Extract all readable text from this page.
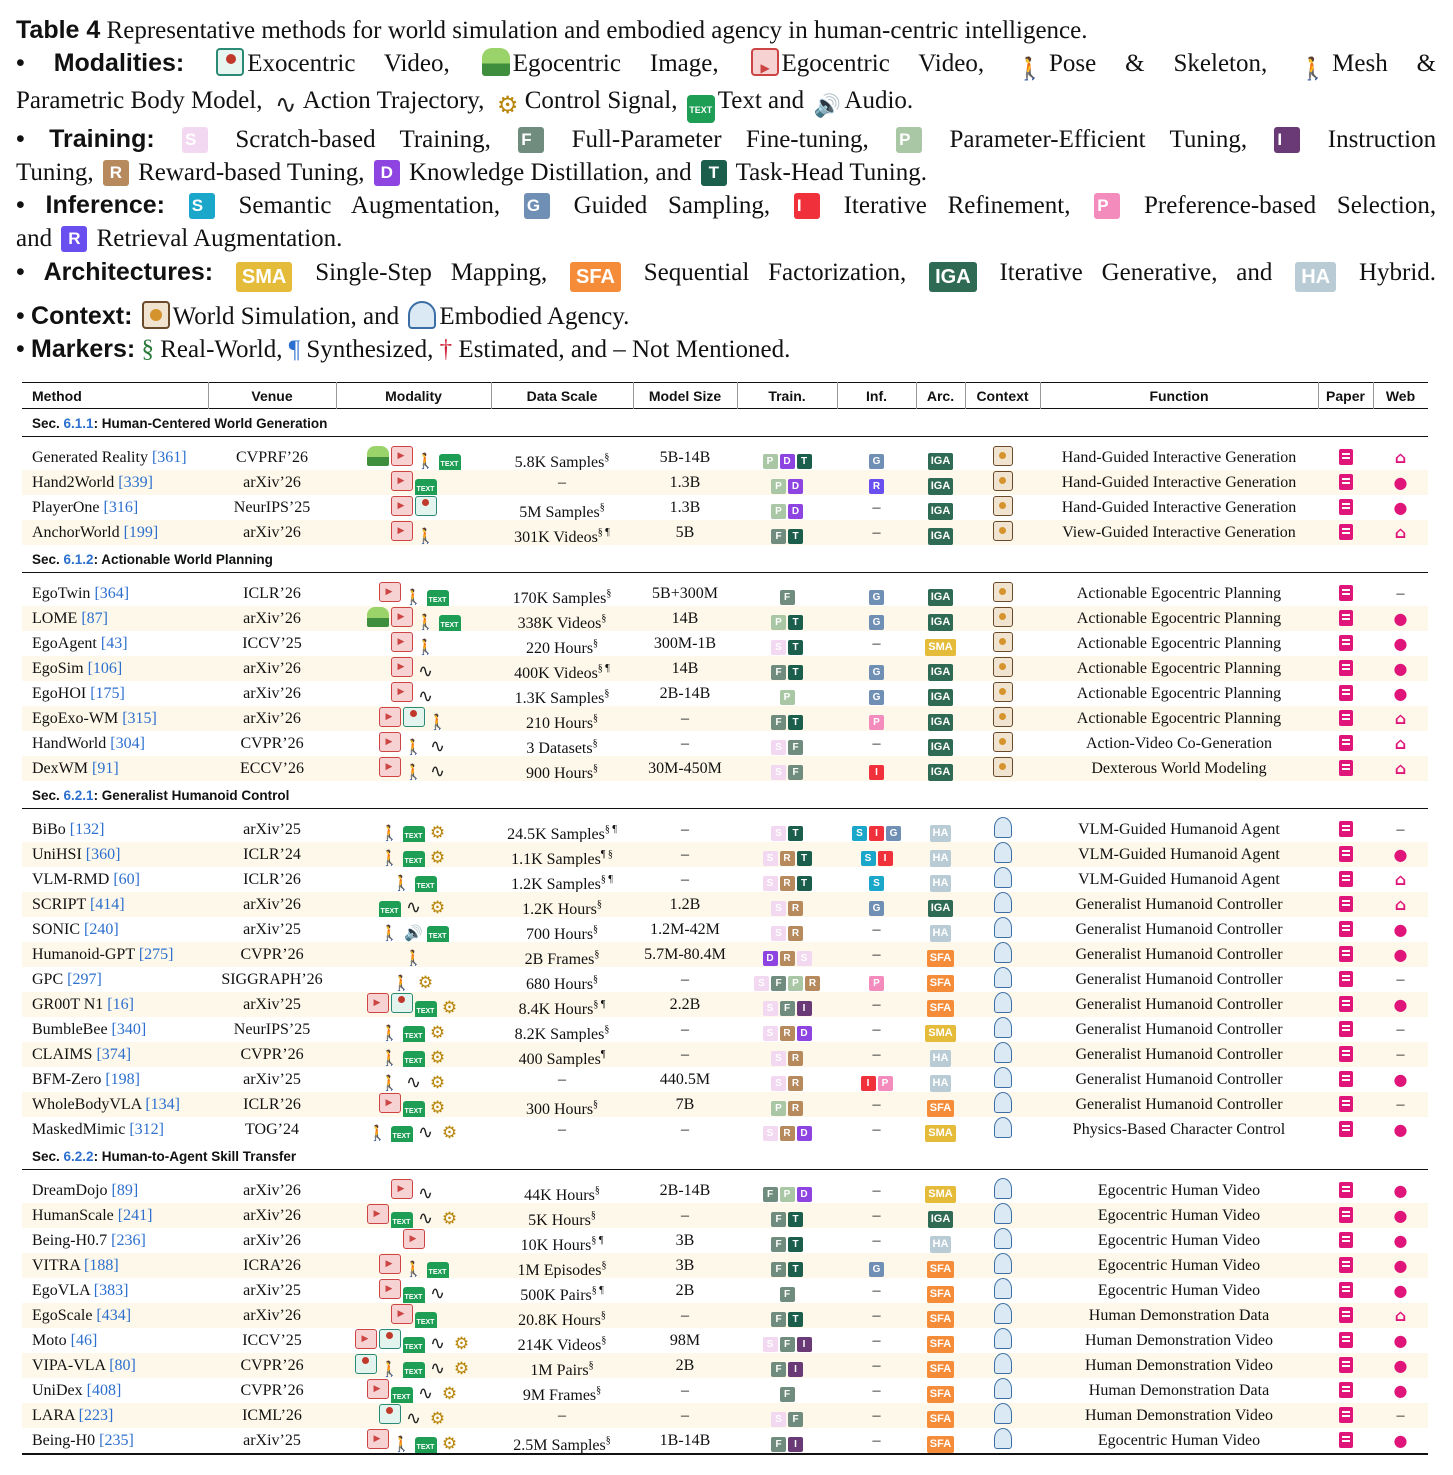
Table 4 Representative methods for world simulation and embodied agency in human-centric intelligence.
• Modalities:	Exocentric Video,	Egocentric Image, ▶	Egocentric Video, 🚶 Pose & Skeleton, 🚶 Mesh &
Parametric Body Model, ∿ Action Trajectory, ⚙ Control Signal, TEXT Text and 🔊 Audio.
• Training: S Scratch-based Training, F Full-Parameter Fine-tuning, P Parameter-Efficient Tuning, I Instruction
Tuning, R Reward-based Tuning, D Knowledge Distillation, and T Task-Head Tuning.
• Inference: S Semantic Augmentation, G Guided Sampling, I Iterative Refinement, P Preference-based Selection,
and R Retrieval Augmentation.
• Architectures: SMA Single-Step Mapping, SFA Sequential Factorization, IGA Iterative Generative, and HA Hybrid.
• Context: World Simulation, and Embodied Agency.
• Markers: § Real-World, ¶ Synthesized, † Estimated, and – Not Mentioned.
Method	Venue	Modality	Data Scale	Model Size	Train.	Inf.	Arc.	Context	Function	Paper	Web
Sec. 6.1.1: Human-Centered World Generation
Generated Reality [361]	CVPRF’26 ▶	🚶 TEXT	5.8K Samples§	5B-14B	P D T	G	IGA	Hand-Guided Interactive Generation	⌂
Hand2World [339]	arXiv’26 ▶	TEXT	–	1.3B	P D	R	IGA	Hand-Guided Interactive Generation	●
PlayerOne [316]	NeurIPS’25 ▶	5M Samples§	1.3B	P D	–	IGA	Hand-Guided Interactive Generation	●
AnchorWorld [199]	arXiv’26 ▶	🚶	301K Videos§ ¶	5B	F T	–	IGA	View-Guided Interactive Generation	⌂
Sec. 6.1.2: Actionable World Planning
EgoTwin [364]	ICLR’26 ▶	🚶 TEXT	170K Samples§	5B+300M	F	G	IGA	Actionable Egocentric Planning	–
LOME [87]	arXiv’26 ▶	🚶 TEXT	338K Videos§	14B	P T	G	IGA	Actionable Egocentric Planning	●
EgoAgent [43]	ICCV’25 ▶	🚶	220 Hours§	300M-1B	S T	–	SMA	Actionable Egocentric Planning	●
EgoSim [106]	arXiv’26 ▶	∿	400K Videos§ ¶	14B	F T	G	IGA	Actionable Egocentric Planning	●
EgoHOI [175]	arXiv’26 ▶	∿	1.3K Samples§	2B-14B	P	G	IGA	Actionable Egocentric Planning	●
EgoExo-WM [315]	arXiv’26 ▶	🚶	210 Hours§	–	F T	P	IGA	Actionable Egocentric Planning	⌂
HandWorld [304]	CVPR’26 ▶	🚶 ∿	3 Datasets§	–	S F	–	IGA	Action-Video Co-Generation	⌂
DexWM [91]	ECCV’26 ▶	🚶 ∿	900 Hours§	30M-450M	S F	I	IGA	Dexterous World Modeling	⌂
Sec. 6.2.1: Generalist Humanoid Control
BiBo [132]	arXiv’25	🚶 TEXT ⚙	24.5K Samples§ ¶	–	S T	S I G	HA	VLM-Guided Humanoid Agent	–
UniHSI [360]	ICLR’24	🚶 TEXT ⚙	1.1K Samples¶ §	–	S R T	S I	HA	VLM-Guided Humanoid Agent	●
VLM-RMD [60]	ICLR’26	🚶 TEXT	1.2K Samples§ ¶	–	S R T	S	HA	VLM-Guided Humanoid Agent	⌂
SCRIPT [414]	arXiv’26	TEXT ∿ ⚙	1.2K Hours§	1.2B	S R	G	IGA	Generalist Humanoid Controller	⌂
SONIC [240]	arXiv’25	🚶 🔊 TEXT	700 Hours§	1.2M-42M	S R	–	HA	Generalist Humanoid Controller	●
Humanoid-GPT [275]	CVPR’26	🚶	2B Frames§	5.7M-80.4M	D R S	–	SFA	Generalist Humanoid Controller	●
GPC [297]	SIGGRAPH’26	🚶 ⚙	680 Hours§	–	S F P R	P	SFA	Generalist Humanoid Controller	–
GR00T N1 [16]	arXiv’25 ▶	TEXT ⚙	8.4K Hours§ ¶	2.2B	S F I	–	SFA	Generalist Humanoid Controller	●
BumbleBee [340]	NeurIPS’25	🚶 TEXT ⚙	8.2K Samples§	–	S R D	–	SMA	Generalist Humanoid Controller	–
CLAIMS [374]	CVPR’26	🚶 TEXT ⚙	400 Samples¶	–	S R	–	HA	Generalist Humanoid Controller	–
BFM-Zero [198]	arXiv’25	🚶 ∿ ⚙	–	440.5M	S R	I P	HA	Generalist Humanoid Controller	●
WholeBodyVLA [134]	ICLR’26 ▶	TEXT ⚙	300 Hours§	7B	P R	–	SFA	Generalist Humanoid Controller	–
MaskedMimic [312]	TOG’24	🚶 TEXT ∿ ⚙	–	–	S R D	–	SMA	Physics-Based Character Control	●
Sec. 6.2.2: Human-to-Agent Skill Transfer
DreamDojo [89]	arXiv’26 ▶	∿	44K Hours§	2B-14B	F P D	–	SMA	Egocentric Human Video	●
HumanScale [241]	arXiv’26 ▶	TEXT ∿ ⚙	5K Hours§	–	F T	–	IGA	Egocentric Human Video	●
Being-H0.7 [236]	arXiv’26 ▶	10K Hours§ ¶	3B	F T	–	HA	Egocentric Human Video	●
VITRA [188]	ICRA’26 ▶	🚶 TEXT	1M Episodes§	3B	F T	G	SFA	Egocentric Human Video	●
EgoVLA [383]	arXiv’25 ▶	TEXT ∿	500K Pairs§ ¶	2B	F	–	SFA	Egocentric Human Video	●
EgoScale [434]	arXiv’26 ▶	TEXT	20.8K Hours§	–	F T	–	SFA	Human Demonstration Data	⌂
Moto [46]	ICCV’25 ▶	TEXT ∿ ⚙	214K Videos§	98M	S F I	–	SFA	Human Demonstration Video	●
VIPA-VLA [80]	CVPR’26	🚶 TEXT ∿ ⚙	1M Pairs§	2B	F I	–	SFA	Human Demonstration Video	●
UniDex [408]	CVPR’26 ▶	TEXT ∿ ⚙	9M Frames§	–	F	–	SFA	Human Demonstration Data	●
LARA [223]	ICML’26	∿ ⚙	–	–	S F	–	SFA	Human Demonstration Video	–
Being-H0 [235]	arXiv’25 ▶	🚶 TEXT ⚙	2.5M Samples§	1B-14B	F I	–	SFA	Egocentric Human Video	●
